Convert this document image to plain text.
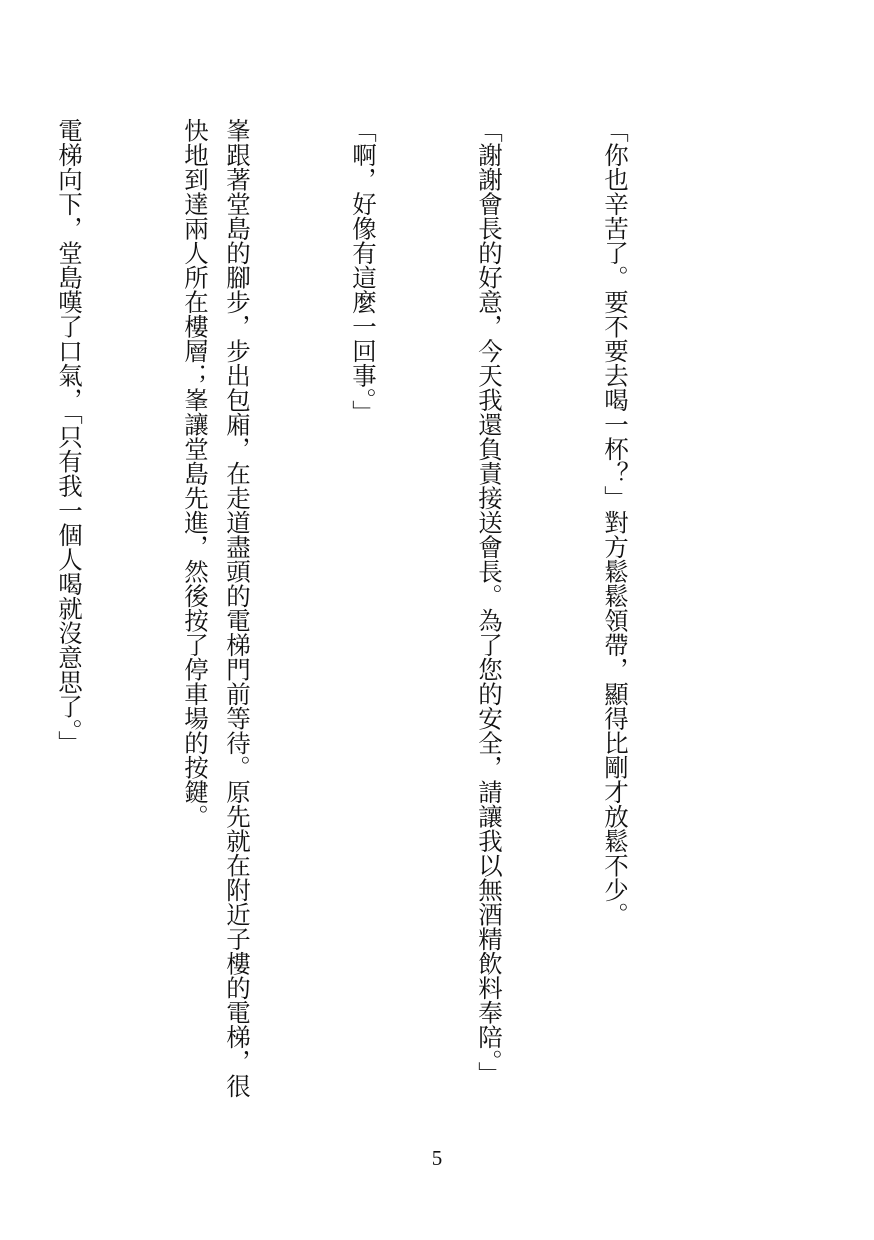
「你也辛苦了。要不要去喝一杯？」對方鬆鬆領帶，顯得比剛才放鬆不少。

「謝謝會長的好意，今天我還負責接送會長。為了您的安全，請讓我以無酒精飲料奉陪。」

「啊，好像有這麼一回事。」

峯跟著堂島的腳步，步出包廂，在走道盡頭的電梯門前等待。原先就在附近子樓的電梯，很快地到達兩人所在樓層；峯讓堂島先進，然後按了停車場的按鍵。

電梯向下，堂島嘆了口氣，「只有我一個人喝就沒意思了。」

5
